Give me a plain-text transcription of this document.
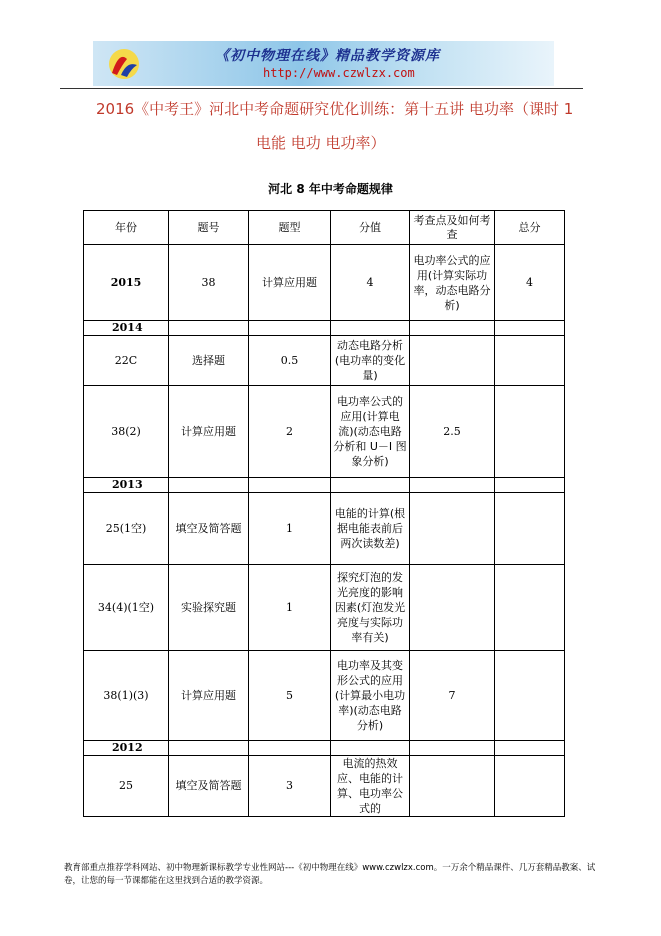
《初中物理在线》精品教学资源库
http://www.czwlzx.com
2016《中考王》河北中考命题研究优化训练：第十五讲 电功率（课时 1
电能 电功 电功率）
河北 8 年中考命题规律
年份	题号	题型	分值	考查点及如何考查	总分
2015	38	计算应用题	4	电功率公式的应用(计算实际功率，动态电路分析)	4
2014					
22C	选择题	0.5	动态电路分析(电功率的变化量)		
38(2)	计算应用题	2	电功率公式的应用(计算电流)(动态电路分析和 U－I 图象分析)	2.5	
2013					
25(1空)	填空及简答题	1	电能的计算(根据电能表前后两次读数差)		
34(4)(1空)	实验探究题	1	探究灯泡的发光亮度的影响因素(灯泡发光亮度与实际功率有关)		
38(1)(3)	计算应用题	5	电功率及其变形公式的应用(计算最小电功率)(动态电路分析)	7	
2012					
25	填空及简答题	3	电流的热效应、电能的计算、电功率公式的		
教育部重点推荐学科网站、初中物理新课标教学专业性网站---《初中物理在线》www.czwlzx.com。一万余个精品课件、几万套精品教案、试卷，让您的每一节课都能在这里找到合适的教学资源。
